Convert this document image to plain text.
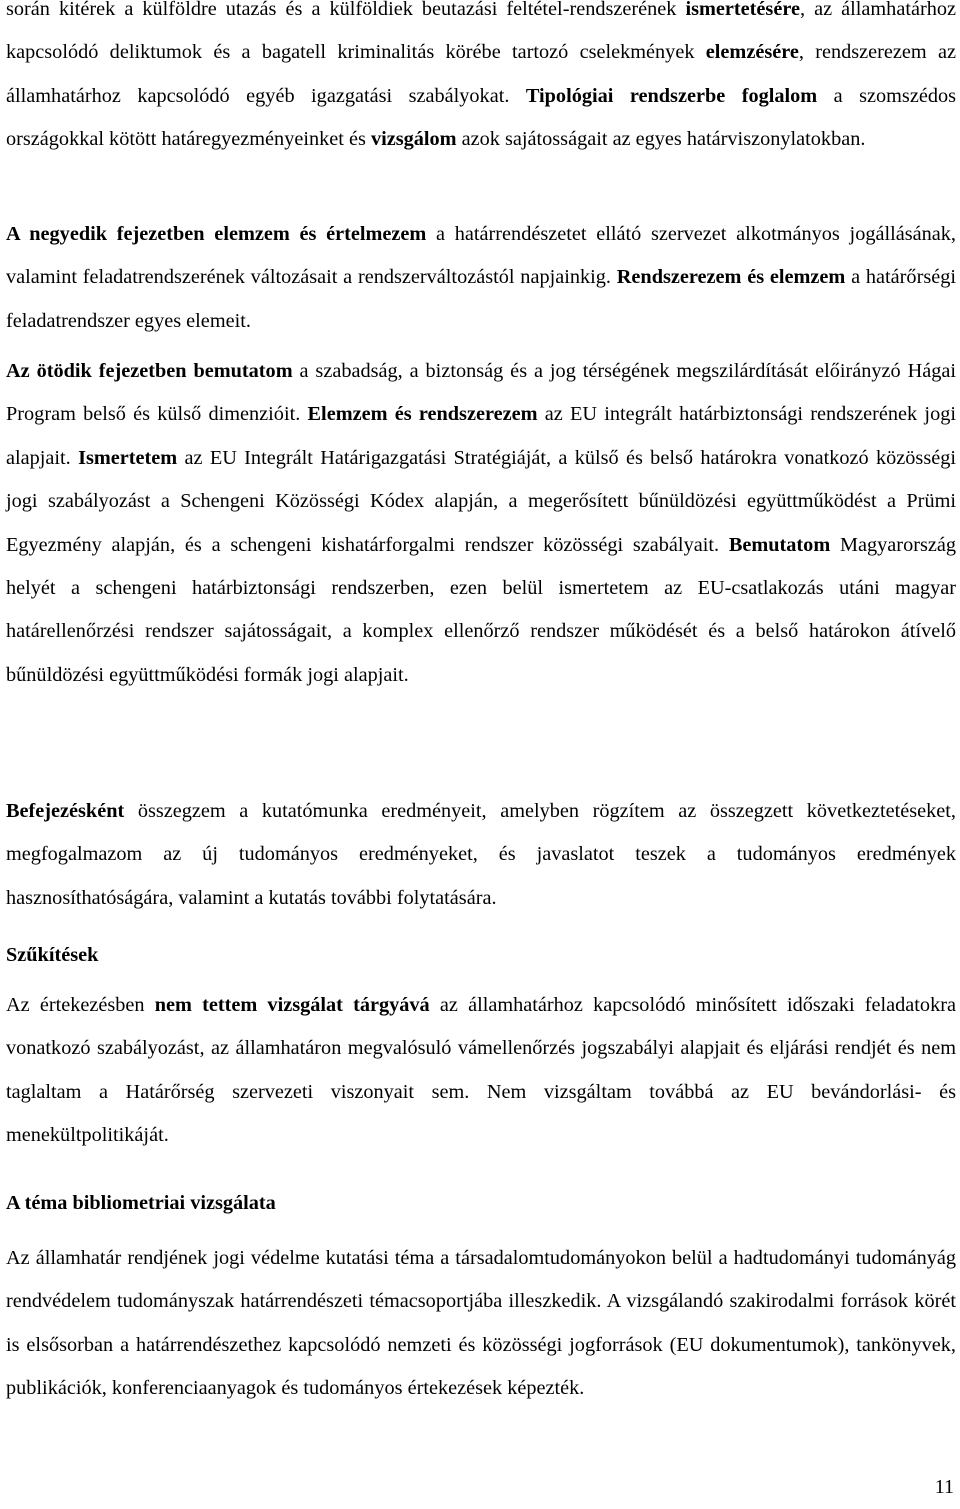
során kitérek a külföldre utazás és a külföldiek beutazási feltétel-rendszerének ismertetésére, az államhatárhoz kapcsolódó deliktumok és a bagatell kriminalitás körébe tartozó cselekmények elemzésére, rendszerezem az államhatárhoz kapcsolódó egyéb igazgatási szabályokat. Tipológiai rendszerbe foglalom a szomszédos országokkal kötött határegyezményeinket és vizsgálom azok sajátosságait az egyes határviszonylatokban.

A negyedik fejezetben elemzem és értelmezem a határrendészetet ellátó szervezet alkotmányos jogállásának, valamint feladatrendszerének változásait a rendszerváltozástól napjainkig. Rendszerezem és elemzem a határőrségi feladatrendszer egyes elemeit.

Az ötödik fejezetben bemutatom a szabadság, a biztonság és a jog térségének megszilárdítását előirányzó Hágai Program belső és külső dimenzióit. Elemzem és rendszerezem az EU integrált határbiztonsági rendszerének jogi alapjait. Ismertetem az EU Integrált Határigazgatási Stratégiáját, a külső és belső határokra vonatkozó közösségi jogi szabályozást a Schengeni Közösségi Kódex alapján, a megerősített bűnüldözési együttműködést a Prümi Egyezmény alapján, és a schengeni kishatárforgalmi rendszer közösségi szabályait. Bemutatom Magyarország helyét a schengeni határbiztonsági rendszerben, ezen belül ismertetem az EU-csatlakozás utáni magyar határellenőrzési rendszer sajátosságait, a komplex ellenőrző rendszer működését és a belső határokon átívelő bűnüldözési együttműködési formák jogi alapjait.

Befejezésként összegzem a kutatómunka eredményeit, amelyben rögzítem az összegzett következtetéseket, megfogalmazom az új tudományos eredményeket, és javaslatot teszek a tudományos eredmények hasznosíthatóságára, valamint a kutatás további folytatására.

Szűkítések

Az értekezésben nem tettem vizsgálat tárgyává az államhatárhoz kapcsolódó minősített időszaki feladatokra vonatkozó szabályozást, az államhatáron megvalósuló vámellenőrzés jogszabályi alapjait és eljárási rendjét és nem taglaltam a Határőrség szervezeti viszonyait sem. Nem vizsgáltam továbbá az EU bevándorlási- és menekültpolitikáját.

A téma bibliometriai vizsgálata

Az államhatár rendjének jogi védelme kutatási téma a társadalomtudományokon belül a hadtudományi tudományág rendvédelem tudományszak határrendészeti témacsoportjába illeszkedik. A vizsgálandó szakirodalmi források körét is elsősorban a határrendészethez kapcsolódó nemzeti és közösségi jogforrások (EU dokumentumok), tankönyvek, publikációk, konferenciaanyagok és tudományos értekezések képezték.

11
